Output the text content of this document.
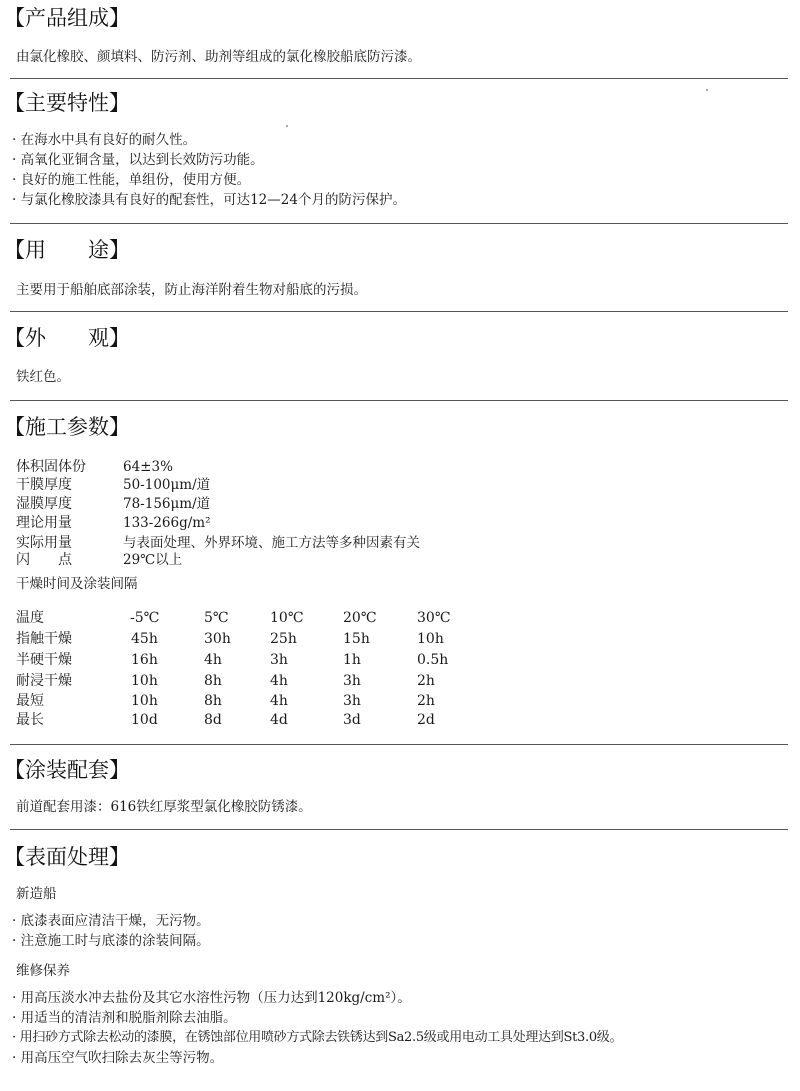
【产品组成】
由氯化橡胶、颜填料、防污剂、助剂等组成的氯化橡胶船底防污漆。
【主要特性】
· 在海水中具有良好的耐久性。
· 高氧化亚铜含量，以达到长效防污功能。
· 良好的施工性能，单组份，使用方便。
· 与氯化橡胶漆具有良好的配套性，可达12—24个月的防污保护。
【用　　途】
主要用于船舶底部涂装，防止海洋附着生物对船底的污损。
【外　　观】
铁红色。
【施工参数】
体积固体份	64±3%
干膜厚度	50-100μm/道
湿膜厚度	78-156μm/道
理论用量	133-266g/m²
实际用量	与表面处理、外界环境、施工方法等多种因素有关
闪　　点	29℃以上
干燥时间及涂装间隔
温度	-5℃	5℃	10℃	20℃	30℃
指触干燥	45h	30h	25h	15h	10h
半硬干燥	16h	4h	3h	1h	0.5h
耐浸干燥	10h	8h	4h	3h	2h
最短	10h	8h	4h	3h	2h
最长	10d	8d	4d	3d	2d
【涂装配套】
前道配套用漆：616铁红厚浆型氯化橡胶防锈漆。
【表面处理】
新造船
· 底漆表面应清洁干燥，无污物。
· 注意施工时与底漆的涂装间隔。
维修保养
· 用高压淡水冲去盐份及其它水溶性污物（压力达到120kg/cm²）。
· 用适当的清洁剂和脱脂剂除去油脂。
· 用扫砂方式除去松动的漆膜，在锈蚀部位用喷砂方式除去铁锈达到Sa2.5级或用电动工具处理达到St3.0级。
· 用高压空气吹扫除去灰尘等污物。
